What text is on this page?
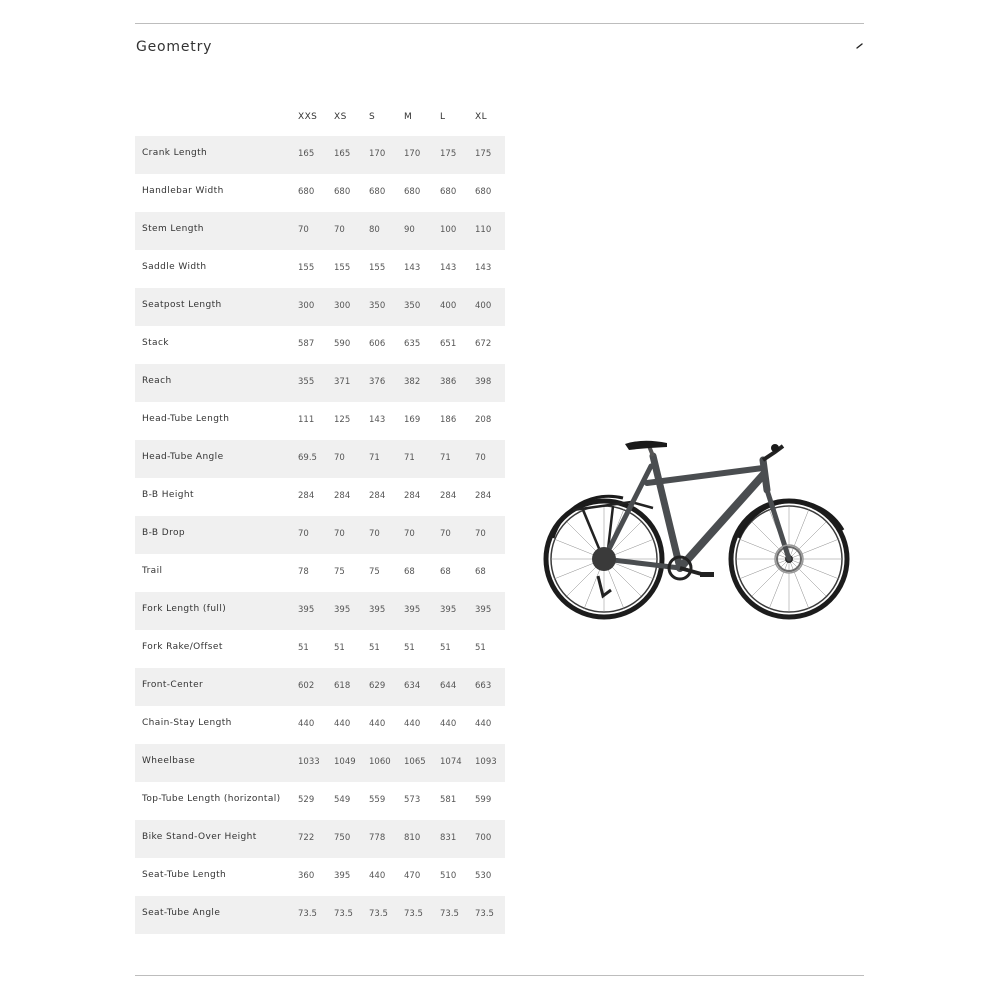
Geometry
XXS XS S	M	L	XL
Crank Length	165 165 170 170 175 175
Handlebar Width	680 680 680 680 680 680
Stem Length	70	70	80	90	100 110
Saddle Width	155 155 155 143 143 143
Seatpost Length	300 300 350 350 400 400
Stack	587 590 606 635 651 672
Reach	355 371 376 382 386 398
Head-Tube Length	111 125 143 169 186 208
Head-Tube Angle	69.5 70	71	71	71	70
B-B Height	284 284 284 284 284 284
B-B Drop	70	70	70	70	70	70
Trail	78	75	75	68	68	68
Fork Length (full)	395 395 395 395 395 395
Fork Rake/Offset	51	51	51	51	51	51
Front-Center	602 618 629 634 644 663
Chain-Stay Length	440 440 440 440 440 440
Wheelbase	1033 1049 1060 1065 1074 1093
Top-Tube Length (horizontal) 529 549 559 573 581 599
Bike Stand-Over Height	722 750 778 810 831 700
Seat-Tube Length	360 395 440 470 510 530
Seat-Tube Angle	73.5 73.5 73.5 73.5 73.5 73.5
